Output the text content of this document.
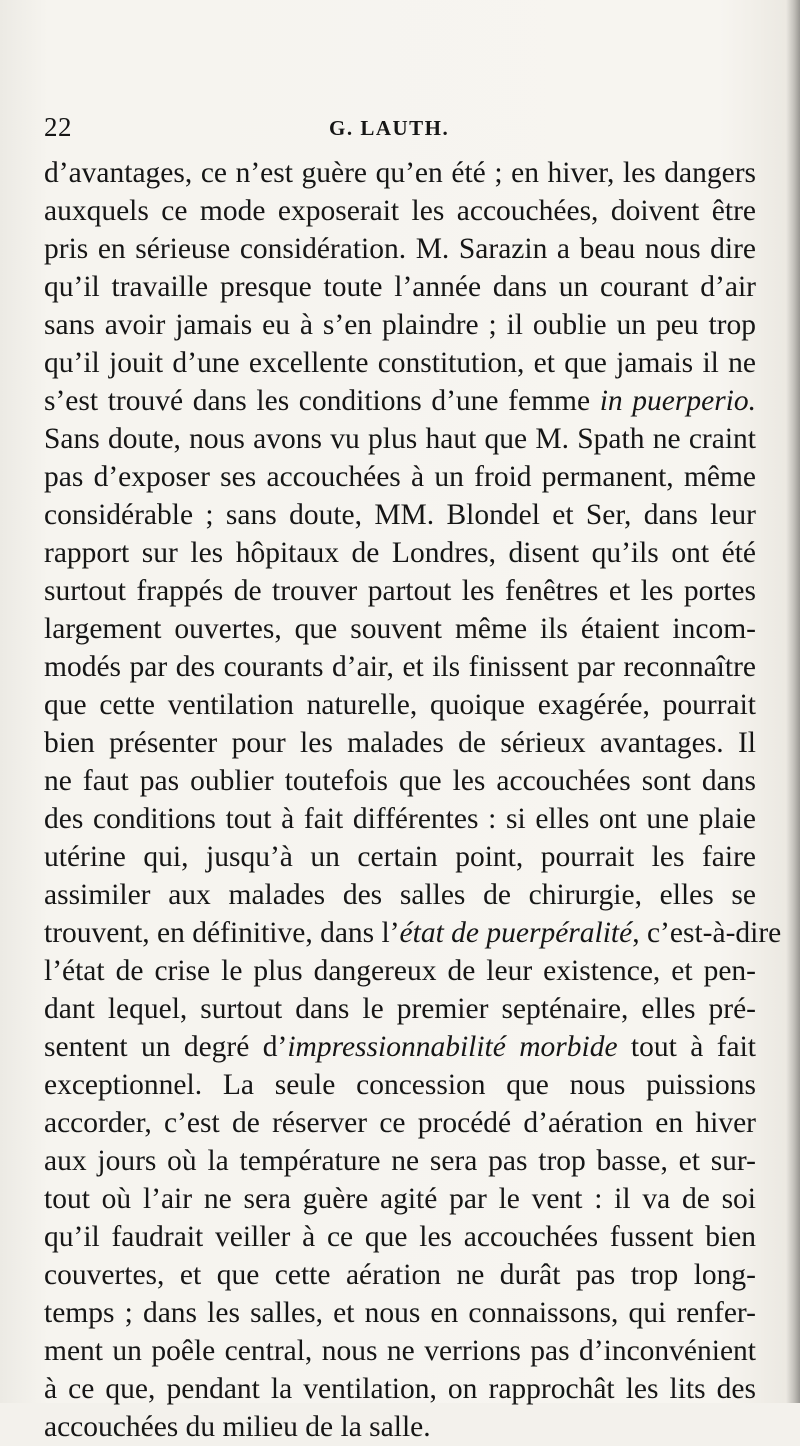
22	G. LAUTH.
d’avantages, ce n’est guère qu’en été ; en hiver, les dangers
auxquels ce mode exposerait les accouchées, doivent être
pris en sérieuse considération. M. Sarazin a beau nous dire
qu’il travaille presque toute l’année dans un courant d’air
sans avoir jamais eu à s’en plaindre ; il oublie un peu trop
qu’il jouit d’une excellente constitution, et que jamais il ne
s’est trouvé dans les conditions d’une femme in puerperio.
Sans doute, nous avons vu plus haut que M. Spath ne craint
pas d’exposer ses accouchées à un froid permanent, même
considérable ; sans doute, MM. Blondel et Ser, dans leur
rapport sur les hôpitaux de Londres, disent qu’ils ont été
surtout frappés de trouver partout les fenêtres et les portes
largement ouvertes, que souvent même ils étaient incom-
modés par des courants d’air, et ils finissent par reconnaître
que cette ventilation naturelle, quoique exagérée, pourrait
bien présenter pour les malades de sérieux avantages. Il
ne faut pas oublier toutefois que les accouchées sont dans
des conditions tout à fait différentes : si elles ont une plaie
utérine qui, jusqu’à un certain point, pourrait les faire
assimiler aux malades des salles de chirurgie, elles se
trouvent, en définitive, dans l’état de puerpéralité, c’est-à-dire
l’état de crise le plus dangereux de leur existence, et pen-
dant lequel, surtout dans le premier septénaire, elles pré-
sentent un degré d’impressionnabilité morbide tout à fait
exceptionnel. La seule concession que nous puissions
accorder, c’est de réserver ce procédé d’aération en hiver
aux jours où la température ne sera pas trop basse, et sur-
tout où l’air ne sera guère agité par le vent : il va de soi
qu’il faudrait veiller à ce que les accouchées fussent bien
couvertes, et que cette aération ne durât pas trop long-
temps ; dans les salles, et nous en connaissons, qui renfer-
ment un poêle central, nous ne verrions pas d’inconvénient
à ce que, pendant la ventilation, on rapprochât les lits des
accouchées du milieu de la salle.
